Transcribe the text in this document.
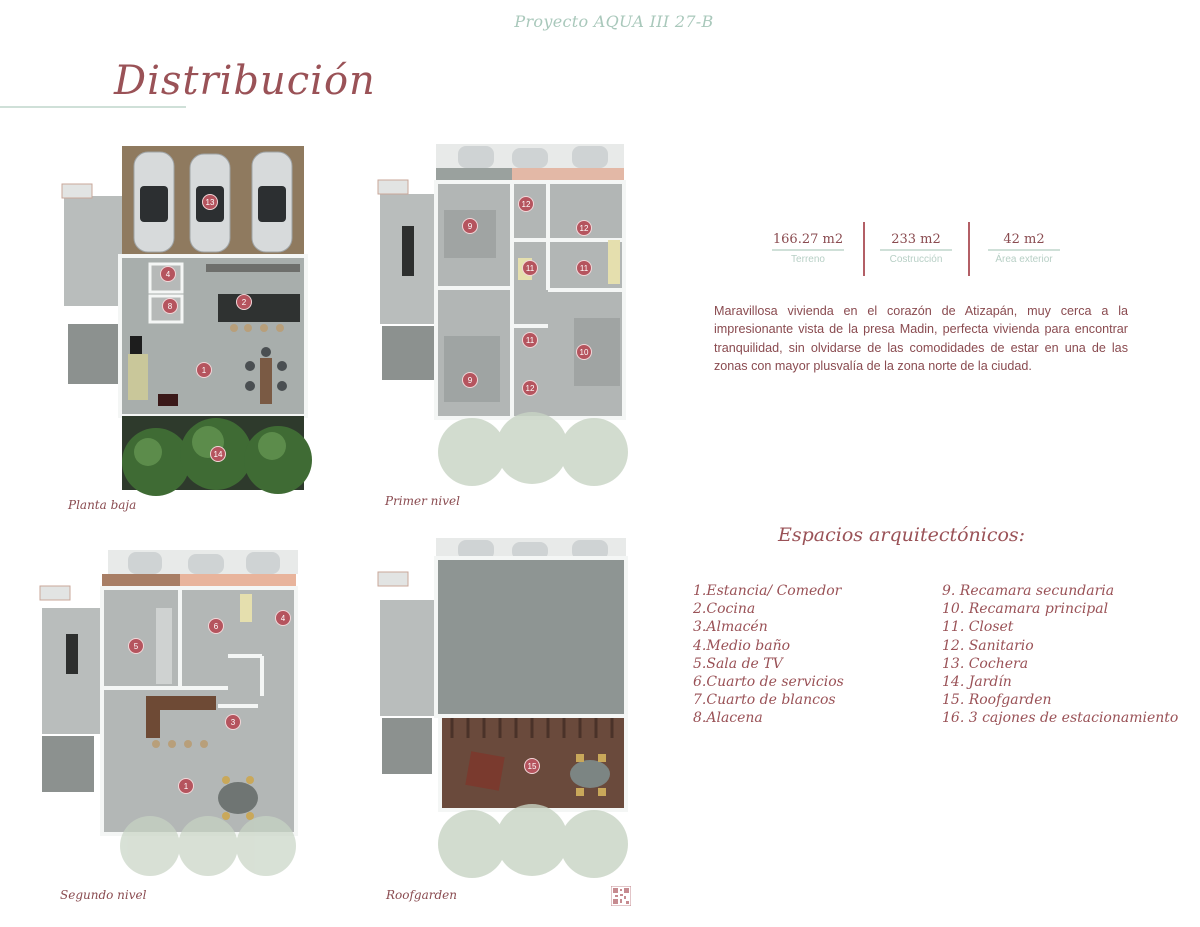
Proyecto AQUA III 27-B
Distribución
13
4
8	2
1
14
Planta baja
12
9	12
11	11
11
10
9
12
Primer nivel
5
6
4
3
1
Segundo nivel
15
Roofgarden
166.27 m2
Terreno
233 m2
Costrucción
42 m2
Área exterior

Maravillosa vivienda en el corazón de Atizapán, muy cerca a la impresionante vista de la presa Madin, perfecta vivienda para encontrar tranquilidad, sin olvidarse de las comodidades de estar en una de las zonas con mayor plusvalía de la zona norte de la ciudad.

Espacios arquitectónicos:
1.Estancia/ Comedor
2.Cocina
3.Almacén
4.Medio baño
5.Sala de TV
6.Cuarto de servicios
7.Cuarto de blancos
8.Alacena
9. Recamara secundaria
10. Recamara principal
11. Closet
12. Sanitario
13. Cochera
14. Jardín
15. Roofgarden
16. 3 cajones de estacionamiento
